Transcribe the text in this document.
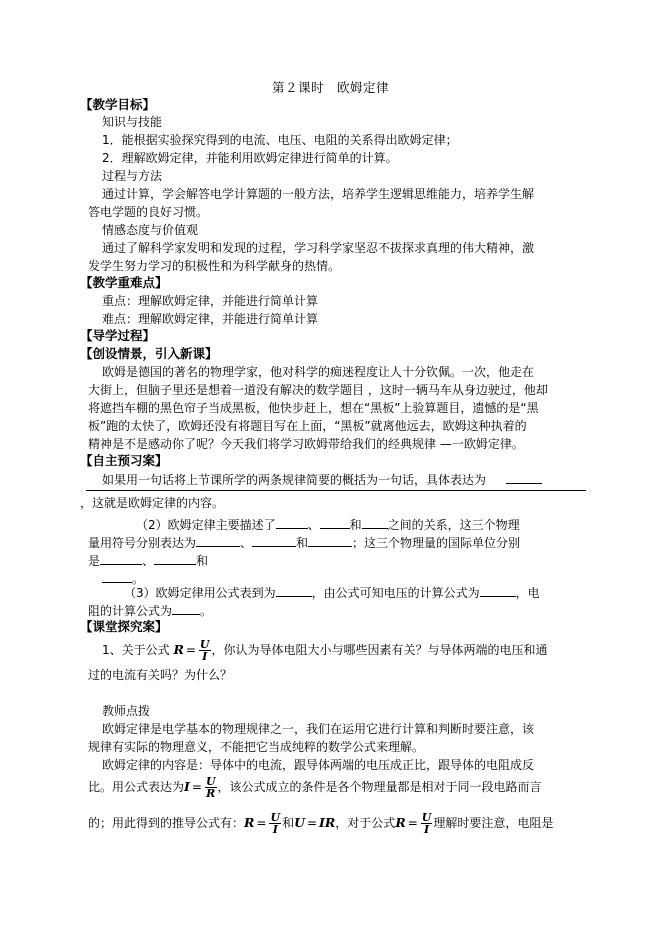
第２课时　欧姆定律
【教学目标】
知识与技能
1．能根据实验探究得到的电流、电压、电阻的关系得出欧姆定律；
2．理解欧姆定律，并能利用欧姆定律进行简单的计算。
过程与方法
通过计算，学会解答电学计算题的一般方法，培养学生逻辑思维能力，培养学生解
答电学题的良好习惯。
情感态度与价值观
通过了解科学家发明和发现的过程，学习科学家坚忍不拔探求真理的伟大精神，激
发学生努力学习的积极性和为科学献身的热情。
【教学重难点】
重点：理解欧姆定律，并能进行简单计算
难点：理解欧姆定律，并能进行简单计算
【导学过程】
【创设情景，引入新课】
欧姆是德国的著名的物理学家，他对科学的痴迷程度让人十分钦佩。一次，他走在
大街上，但脑子里还是想着一道没有解决的数学题目 ，这时一辆马车从身边驶过，他却
将遮挡车棚的黑色帘子当成黑板，他快步赶上，想在“黑板”上验算题目，遗憾的是“黑
板”跑的太快了，欧姆还没有将题目写在上面，“黑板”就离他远去，欧姆这种执着的
精神是不是感动你了呢？今天我们将学习欧姆带给我们的经典规律 —一欧姆定律。
【自主预习案】
如果用一句话将上节课所学的两条规律简要的概括为一句话，具体表达为
，这就是欧姆定律的内容。
（2）欧姆定律主要描述了	、	和 之间的关系，这三个物理
量用符号分别表达为	、	和	；这三个物理量的国际单位分别
是	、	和
。
（3）欧姆定律用公式表到为	，由公式可知电压的计算公式为	，电
阻的计算公式为 。
【课堂探究案】
1、关于公式 $R = \frac{U}{I}$ ，你认为导体电阻大小与哪些因素有关？与导体两端的电压和通
过的电流有关吗？为什么？
教师点拨
欧姆定律是电学基本的物理规律之一，我们在运用它进行计算和判断时要注意，该
规律有实际的物理意义，不能把它当成纯粹的数学公式来理解。
欧姆定律的内容是：导体中的电流，跟导体两端的电压成正比，跟导体的电阻成反
比。用公式表达为$I = \frac{U}{R}$ ，该公式成立的条件是各个物理量都是相对于同一段电路而言
的；用此得到的推导公式有：$R = \frac{U}{I}$ 和U = IR，对于公式$R = \frac{U}{I}$ 理解时要注意，电阻是
